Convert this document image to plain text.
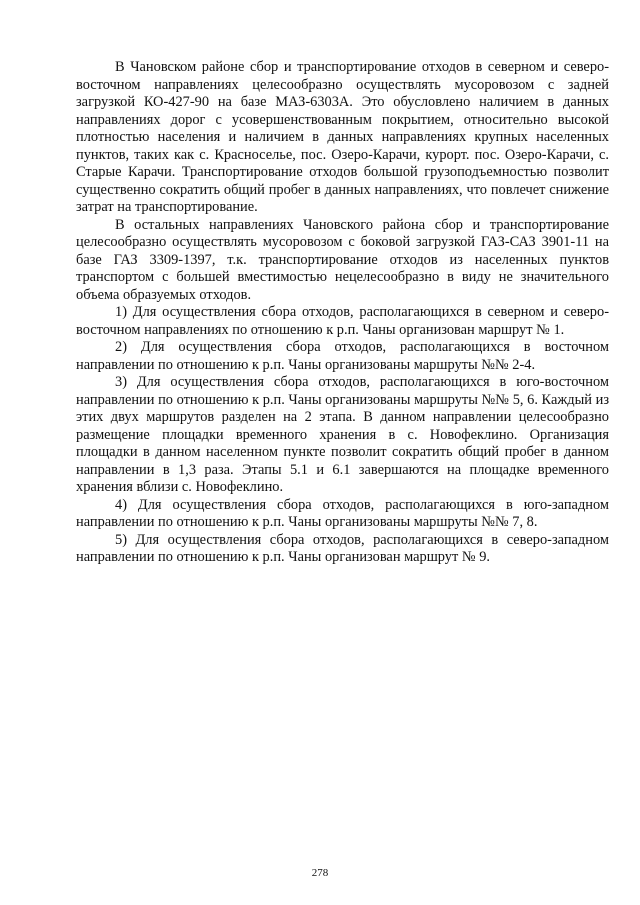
В Чановском районе сбор и транспортирование отходов в северном и северо-восточном направлениях целесообразно осуществлять мусоровозом с задней загрузкой КО-427-90 на базе МАЗ-6303А. Это обусловлено наличием в данных направлениях дорог с усовершенствованным покрытием, относительно высокой плотностью населения и наличием в данных направлениях крупных населенных пунктов, таких как с. Красноселье, пос. Озеро-Карачи, курорт. пос. Озеро-Карачи, с. Старые Карачи. Транспортирование отходов большой грузоподъемностью позволит существенно сократить общий пробег в данных направлениях, что повлечет снижение затрат на транспортирование.

В остальных направлениях Чановского района сбор и транспортирование целесообразно осуществлять мусоровозом с боковой загрузкой ГАЗ-САЗ 3901-11 на базе ГАЗ 3309-1397, т.к. транспортирование отходов из населенных пунктов транспортом с большей вместимостью нецелесообразно в виду не значительного объема образуемых отходов.

1) Для осуществления сбора отходов, располагающихся в северном и северо-восточном направлениях по отношению к р.п. Чаны организован маршрут № 1.

2) Для осуществления сбора отходов, располагающихся в восточном направлении по отношению к р.п. Чаны организованы маршруты №№ 2-4.

3) Для осуществления сбора отходов, располагающихся в юго-восточном направлении по отношению к р.п. Чаны организованы маршруты №№ 5, 6. Каждый из этих двух маршрутов разделен на 2 этапа. В данном направлении целесообразно размещение площадки временного хранения в с. Новофеклино. Организация площадки в данном населенном пункте позволит сократить общий пробег в данном направлении в 1,3 раза. Этапы 5.1 и 6.1 завершаются на площадке временного хранения вблизи с. Новофеклино.

4) Для осуществления сбора отходов, располагающихся в юго-западном направлении по отношению к р.п. Чаны организованы маршруты №№ 7, 8.

5) Для осуществления сбора отходов, располагающихся в северо-западном направлении по отношению к р.п. Чаны организован маршрут № 9.

278
